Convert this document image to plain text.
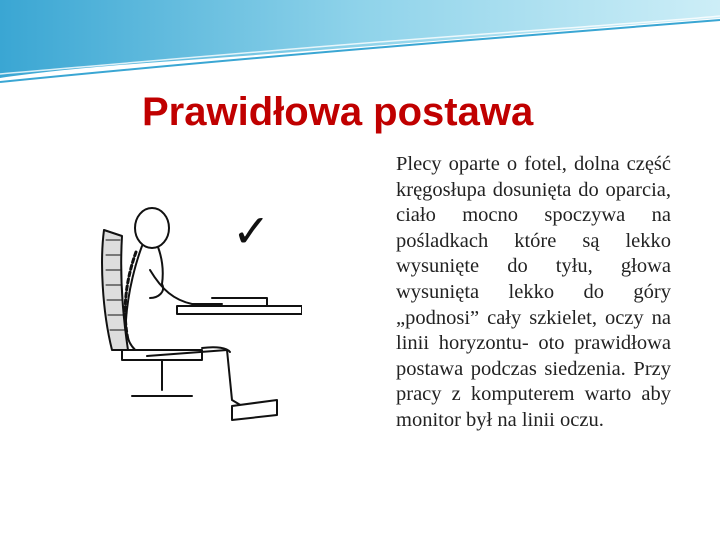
Prawidłowa postawa
✓

Plecy oparte o fotel, dolna część kręgosłupa dosunięta do oparcia, ciało mocno spoczywa na pośladkach które są lekko wysunięte do tyłu, głowa wysunięta lekko do góry „podnosi” cały szkielet, oczy na linii horyzontu- oto prawidłowa postawa podczas siedzenia. Przy pracy z komputerem warto aby monitor był na linii oczu.
